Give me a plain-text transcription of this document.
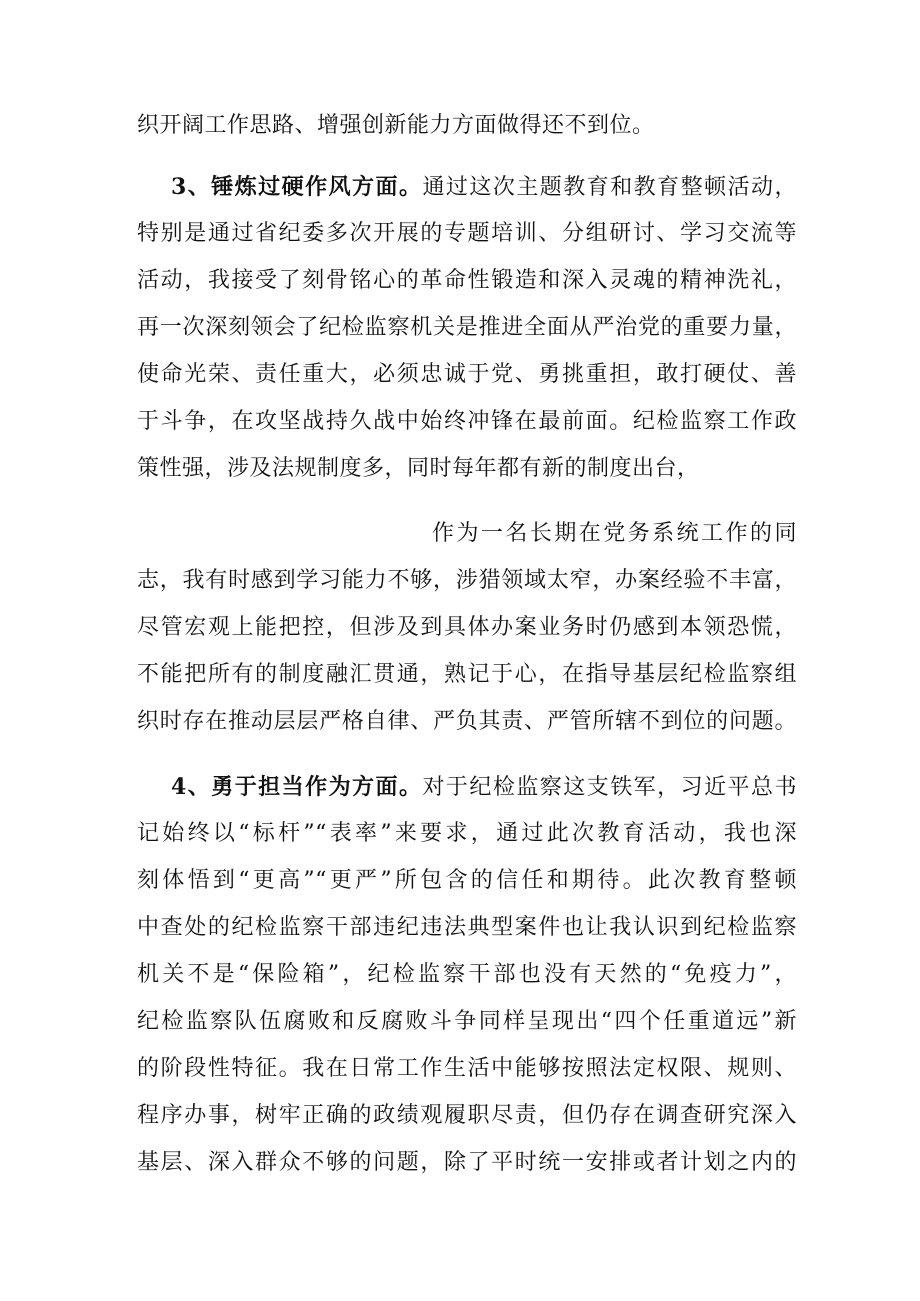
织开阔工作思路、增强创新能力方面做得还不到位。
3、锤炼过硬作风方面。通过这次主题教育和教育整顿活动，
特别是通过省纪委多次开展的专题培训、分组研讨、学习交流等
活动，我接受了刻骨铭心的革命性锻造和深入灵魂的精神洗礼，
再一次深刻领会了纪检监察机关是推进全面从严治党的重要力量，
使命光荣、责任重大，必须忠诚于党、勇挑重担，敢打硬仗、善
于斗争，在攻坚战持久战中始终冲锋在最前面。纪检监察工作政
策性强，涉及法规制度多，同时每年都有新的制度出台，
作为一名长期在党务系统工作的同
志，我有时感到学习能力不够，涉猎领域太窄，办案经验不丰富，
尽管宏观上能把控，但涉及到具体办案业务时仍感到本领恐慌，
不能把所有的制度融汇贯通，熟记于心，在指导基层纪检监察组
织时存在推动层层严格自律、严负其责、严管所辖不到位的问题。
4、勇于担当作为方面。对于纪检监察这支铁军，习近平总书
记始终以“标杆”“表率”来要求，通过此次教育活动，我也深
刻体悟到“更高”“更严”所包含的信任和期待。此次教育整顿
中查处的纪检监察干部违纪违法典型案件也让我认识到纪检监察
机关不是“保险箱”，纪检监察干部也没有天然的“免疫力”，
纪检监察队伍腐败和反腐败斗争同样呈现出“四个任重道远”新
的阶段性特征。我在日常工作生活中能够按照法定权限、规则、
程序办事，树牢正确的政绩观履职尽责，但仍存在调查研究深入
基层、深入群众不够的问题，除了平时统一安排或者计划之内的
